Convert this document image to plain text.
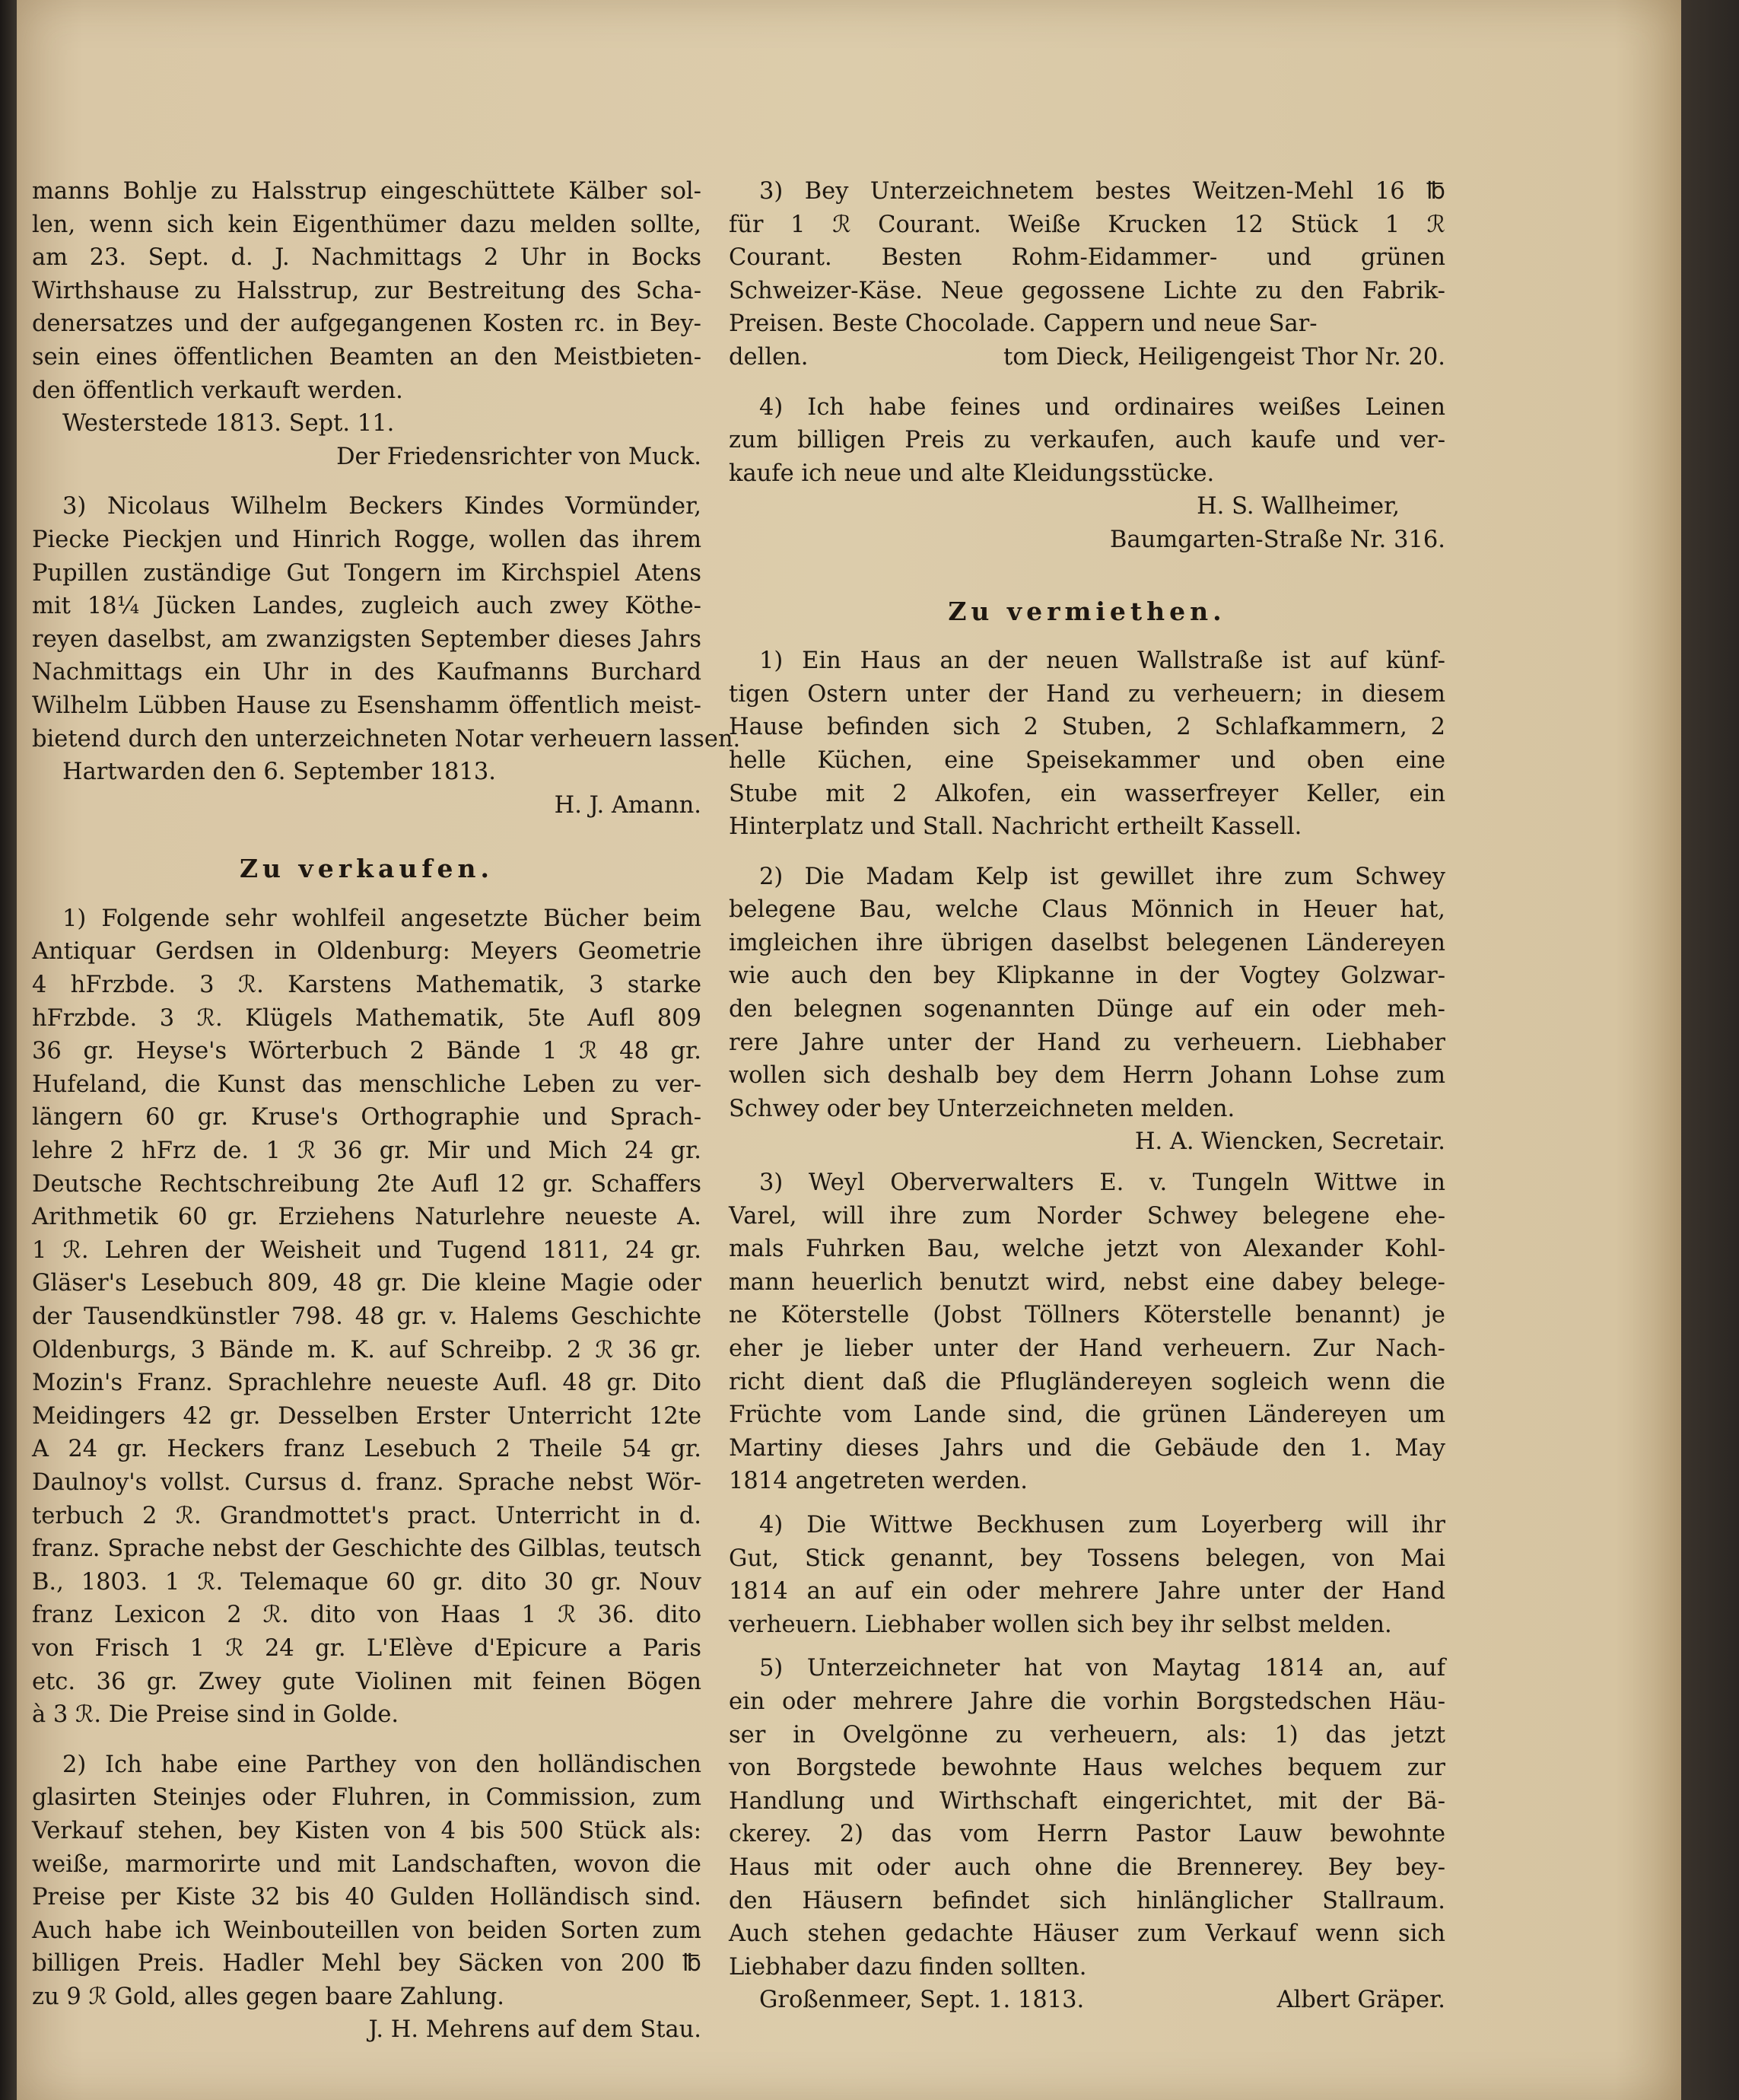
manns Bohlje zu Halsstrup eingeschüttete Kälber sol-
len, wenn sich kein Eigenthümer dazu melden sollte,
am 23. Sept. d. J. Nachmittags 2 Uhr in Bocks
Wirthshause zu Halsstrup, zur Bestreitung des Scha-
denersatzes und der aufgegangenen Kosten rc. in Bey-
sein eines öffentlichen Beamten an den Meistbieten-
den öffentlich verkauft werden.
Westerstede 1813. Sept. 11.
Der Friedensrichter von Muck.
3) Nicolaus Wilhelm Beckers Kindes Vormünder,
Piecke Pieckjen und Hinrich Rogge, wollen das ihrem
Pupillen zuständige Gut Tongern im Kirchspiel Atens
mit 18¼ Jücken Landes, zugleich auch zwey Köthe-
reyen daselbst, am zwanzigsten September dieses Jahrs
Nachmittags ein Uhr in des Kaufmanns Burchard
Wilhelm Lübben Hause zu Esenshamm öffentlich meist-
bietend durch den unterzeichneten Notar verheuern lassen.
Hartwarden den 6. September 1813.
H. J. Amann.
Zu verkaufen.
1) Folgende sehr wohlfeil angesetzte Bücher beim
Antiquar Gerdsen in Oldenburg: Meyers Geometrie
4 hFrzbde. 3 ℛ. Karstens Mathematik, 3 starke
hFrzbde. 3 ℛ. Klügels Mathematik, 5te Aufl 809
36 gr. Heyse's Wörterbuch 2 Bände 1 ℛ 48 gr.
Hufeland, die Kunst das menschliche Leben zu ver-
längern 60 gr. Kruse's Orthographie und Sprach-
lehre 2 hFrz de. 1 ℛ 36 gr. Mir und Mich 24 gr.
Deutsche Rechtschreibung 2te Aufl 12 gr. Schaffers
Arithmetik 60 gr. Erziehens Naturlehre neueste A.
1 ℛ. Lehren der Weisheit und Tugend 1811, 24 gr.
Gläser's Lesebuch 809, 48 gr. Die kleine Magie oder
der Tausendkünstler 798. 48 gr. v. Halems Geschichte
Oldenburgs, 3 Bände m. K. auf Schreibp. 2 ℛ 36 gr.
Mozin's Franz. Sprachlehre neueste Aufl. 48 gr. Dito
Meidingers 42 gr. Desselben Erster Unterricht 12te
A 24 gr. Heckers franz Lesebuch 2 Theile 54 gr.
Daulnoy's vollst. Cursus d. franz. Sprache nebst Wör-
terbuch 2 ℛ. Grandmottet's pract. Unterricht in d.
franz. Sprache nebst der Geschichte des Gilblas, teutsch
B., 1803. 1 ℛ. Telemaque 60 gr. dito 30 gr. Nouv
franz Lexicon 2 ℛ. dito von Haas 1 ℛ 36. dito
von Frisch 1 ℛ 24 gr. L'Elève d'Epicure a Paris
etc. 36 gr. Zwey gute Violinen mit feinen Bögen
à 3 ℛ. Die Preise sind in Golde.
2) Ich habe eine Parthey von den holländischen
glasirten Steinjes oder Fluhren, in Commission, zum
Verkauf stehen, bey Kisten von 4 bis 500 Stück als:
weiße, marmorirte und mit Landschaften, wovon die
Preise per Kiste 32 bis 40 Gulden Holländisch sind.
Auch habe ich Weinbouteillen von beiden Sorten zum
billigen Preis. Hadler Mehl bey Säcken von 200 ℔
zu 9 ℛ Gold, alles gegen baare Zahlung.
J. H. Mehrens auf dem Stau.
3) Bey Unterzeichnetem bestes Weitzen-Mehl 16 ℔
für 1 ℛ Courant. Weiße Krucken 12 Stück 1 ℛ
Courant. Besten Rohm-Eidammer- und grünen
Schweizer-Käse. Neue gegossene Lichte zu den Fabrik-
Preisen. Beste Chocolade. Cappern und neue Sar-
dellen.	tom Dieck, Heiligengeist Thor Nr. 20.
4) Ich habe feines und ordinaires weißes Leinen
zum billigen Preis zu verkaufen, auch kaufe und ver-
kaufe ich neue und alte Kleidungsstücke.
H. S. Wallheimer,
Baumgarten-Straße Nr. 316.
Zu vermiethen.
1) Ein Haus an der neuen Wallstraße ist auf künf-
tigen Ostern unter der Hand zu verheuern; in diesem
Hause befinden sich 2 Stuben, 2 Schlafkammern, 2
helle Küchen, eine Speisekammer und oben eine
Stube mit 2 Alkofen, ein wasserfreyer Keller, ein
Hinterplatz und Stall. Nachricht ertheilt Kassell.
2) Die Madam Kelp ist gewillet ihre zum Schwey
belegene Bau, welche Claus Mönnich in Heuer hat,
imgleichen ihre übrigen daselbst belegenen Ländereyen
wie auch den bey Klipkanne in der Vogtey Golzwar-
den belegnen sogenannten Dünge auf ein oder meh-
rere Jahre unter der Hand zu verheuern. Liebhaber
wollen sich deshalb bey dem Herrn Johann Lohse zum
Schwey oder bey Unterzeichneten melden.
H. A. Wiencken, Secretair.
3) Weyl Oberverwalters E. v. Tungeln Wittwe in
Varel, will ihre zum Norder Schwey belegene ehe-
mals Fuhrken Bau, welche jetzt von Alexander Kohl-
mann heuerlich benutzt wird, nebst eine dabey belege-
ne Köterstelle (Jobst Töllners Köterstelle benannt) je
eher je lieber unter der Hand verheuern. Zur Nach-
richt dient daß die Pflugländereyen sogleich wenn die
Früchte vom Lande sind, die grünen Ländereyen um
Martiny dieses Jahrs und die Gebäude den 1. May
1814 angetreten werden.
4) Die Wittwe Beckhusen zum Loyerberg will ihr
Gut, Stick genannt, bey Tossens belegen, von Mai
1814 an auf ein oder mehrere Jahre unter der Hand
verheuern. Liebhaber wollen sich bey ihr selbst melden.
5) Unterzeichneter hat von Maytag 1814 an, auf
ein oder mehrere Jahre die vorhin Borgstedschen Häu-
ser in Ovelgönne zu verheuern, als: 1) das jetzt
von Borgstede bewohnte Haus welches bequem zur
Handlung und Wirthschaft eingerichtet, mit der Bä-
ckerey. 2) das vom Herrn Pastor Lauw bewohnte
Haus mit oder auch ohne die Brennerey. Bey bey-
den Häusern befindet sich hinlänglicher Stallraum.
Auch stehen gedachte Häuser zum Verkauf wenn sich
Liebhaber dazu finden sollten.
Großenmeer, Sept. 1. 1813.	Albert Gräper.
